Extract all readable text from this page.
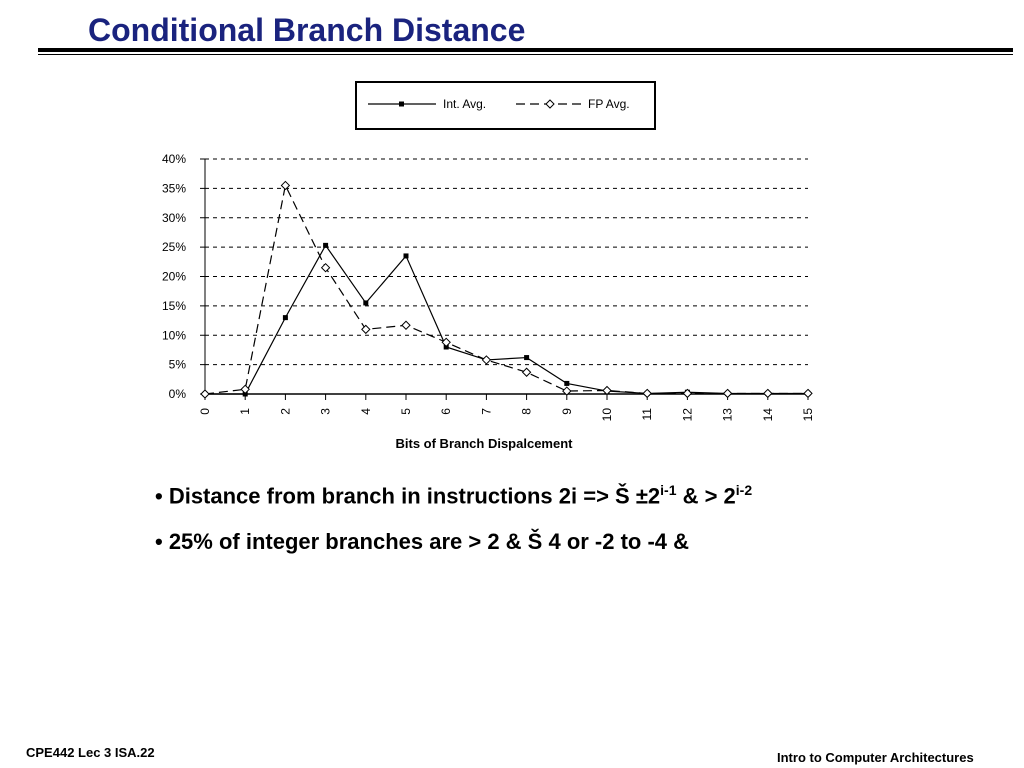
Conditional Branch Distance
Int. Avg.	FP Avg.
0%
5%
10%
15%
20%
25%
30%
35%
40%
0 1 2 3 4 5 6 7 8 9 10 11 12 13 14 15
Bits of Branch Dispalcement

• Distance from branch in instructions 2i => Š $\pm 2^{i-1}$ & > $2^{i-2}$

• 25% of integer branches are > 2 & Š 4 or -2 to -4 &

CPE442 Lec 3 ISA.22	Intro to Computer Architectures
